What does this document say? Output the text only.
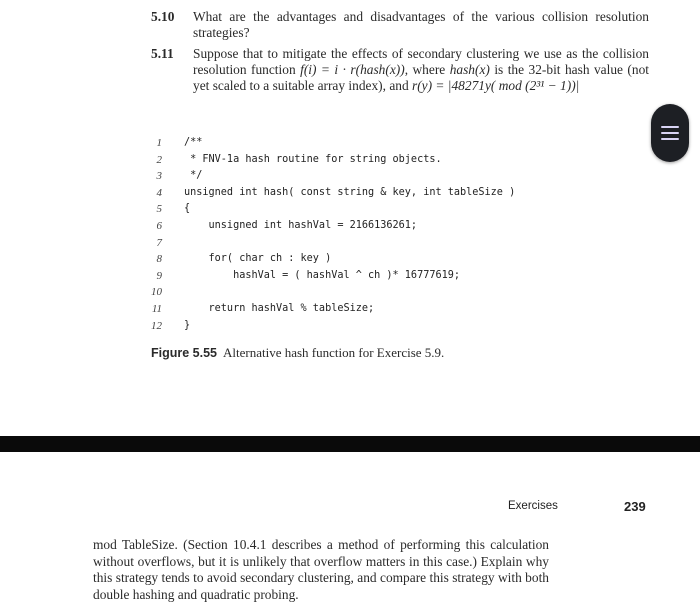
5.10 What are the advantages and disadvantages of the various collision resolution strategies?
5.11 Suppose that to mitigate the effects of secondary clustering we use as the collision resolution function f(i) = i · r(hash(x)), where hash(x) is the 32-bit hash value (not yet scaled to a suitable array index), and r(y) = |48271y( mod (2³¹ − 1))|
1 /**
2 * FNV-1a hash routine for string objects.
3 */
4 unsigned int hash( const string & key, int tableSize )
5 {
6 unsigned int hashVal = 2166136261;
7
8 for( char ch : key )
9 hashVal = ( hashVal ^ ch )* 16777619;
10
11 return hashVal % tableSize;
12 }
Figure 5.55 Alternative hash function for Exercise 5.9.
Exercises	239
mod TableSize. (Section 10.4.1 describes a method of performing this calculation without overflows, but it is unlikely that overflow matters in this case.) Explain why this strategy tends to avoid secondary clustering, and compare this strategy with both double hashing and quadratic probing.
